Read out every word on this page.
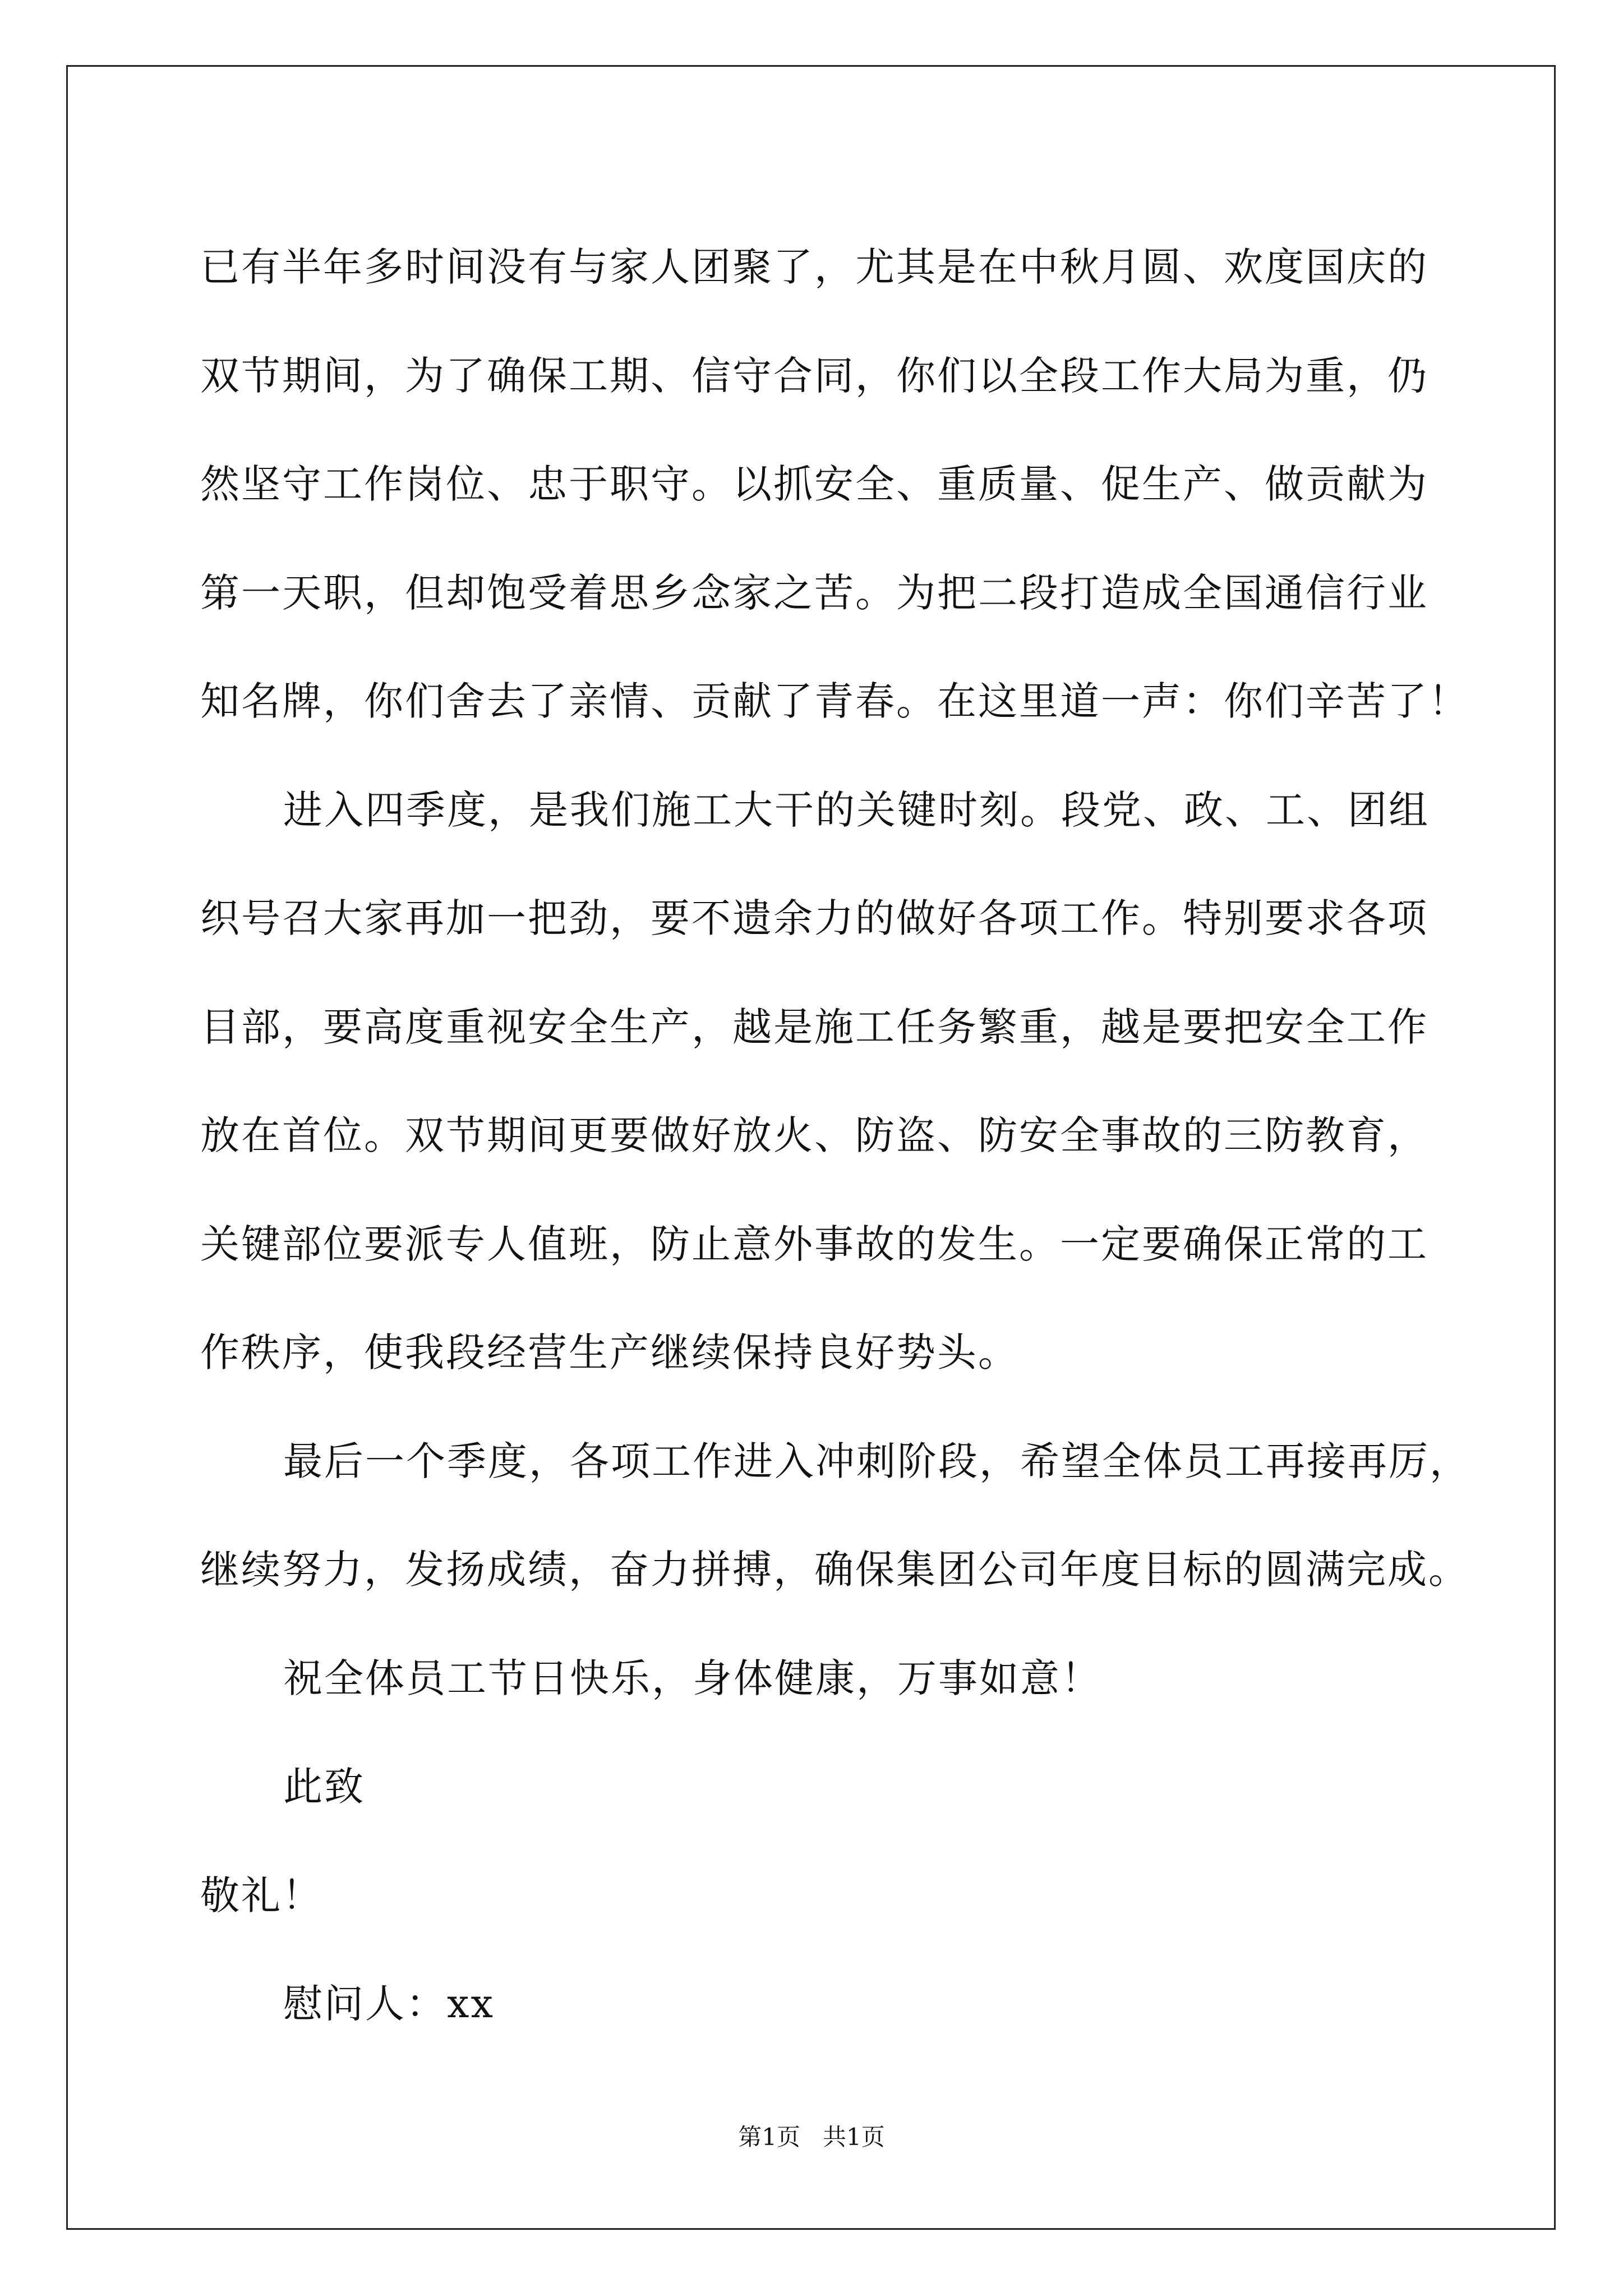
已有半年多时间没有与家人团聚了，尤其是在中秋月圆、欢度国庆的
双节期间，为了确保工期、信守合同，你们以全段工作大局为重，仍
然坚守工作岗位、忠于职守。以抓安全、重质量、促生产、做贡献为
第一天职，但却饱受着思乡念家之苦。为把二段打造成全国通信行业
知名牌，你们舍去了亲情、贡献了青春。在这里道一声：你们辛苦了！
进入四季度，是我们施工大干的关键时刻。段党、政、工、团组
织号召大家再加一把劲，要不遗余力的做好各项工作。特别要求各项
目部，要高度重视安全生产，越是施工任务繁重，越是要把安全工作
放在首位。双节期间更要做好放火、防盗、防安全事故的三防教育，
关键部位要派专人值班，防止意外事故的发生。一定要确保正常的工
作秩序，使我段经营生产继续保持良好势头。
最后一个季度，各项工作进入冲刺阶段，希望全体员工再接再厉，
继续努力，发扬成绩，奋力拼搏，确保集团公司年度目标的圆满完成。
祝全体员工节日快乐，身体健康，万事如意！
此致
敬礼！
慰问人：xx
第1页 共1页
